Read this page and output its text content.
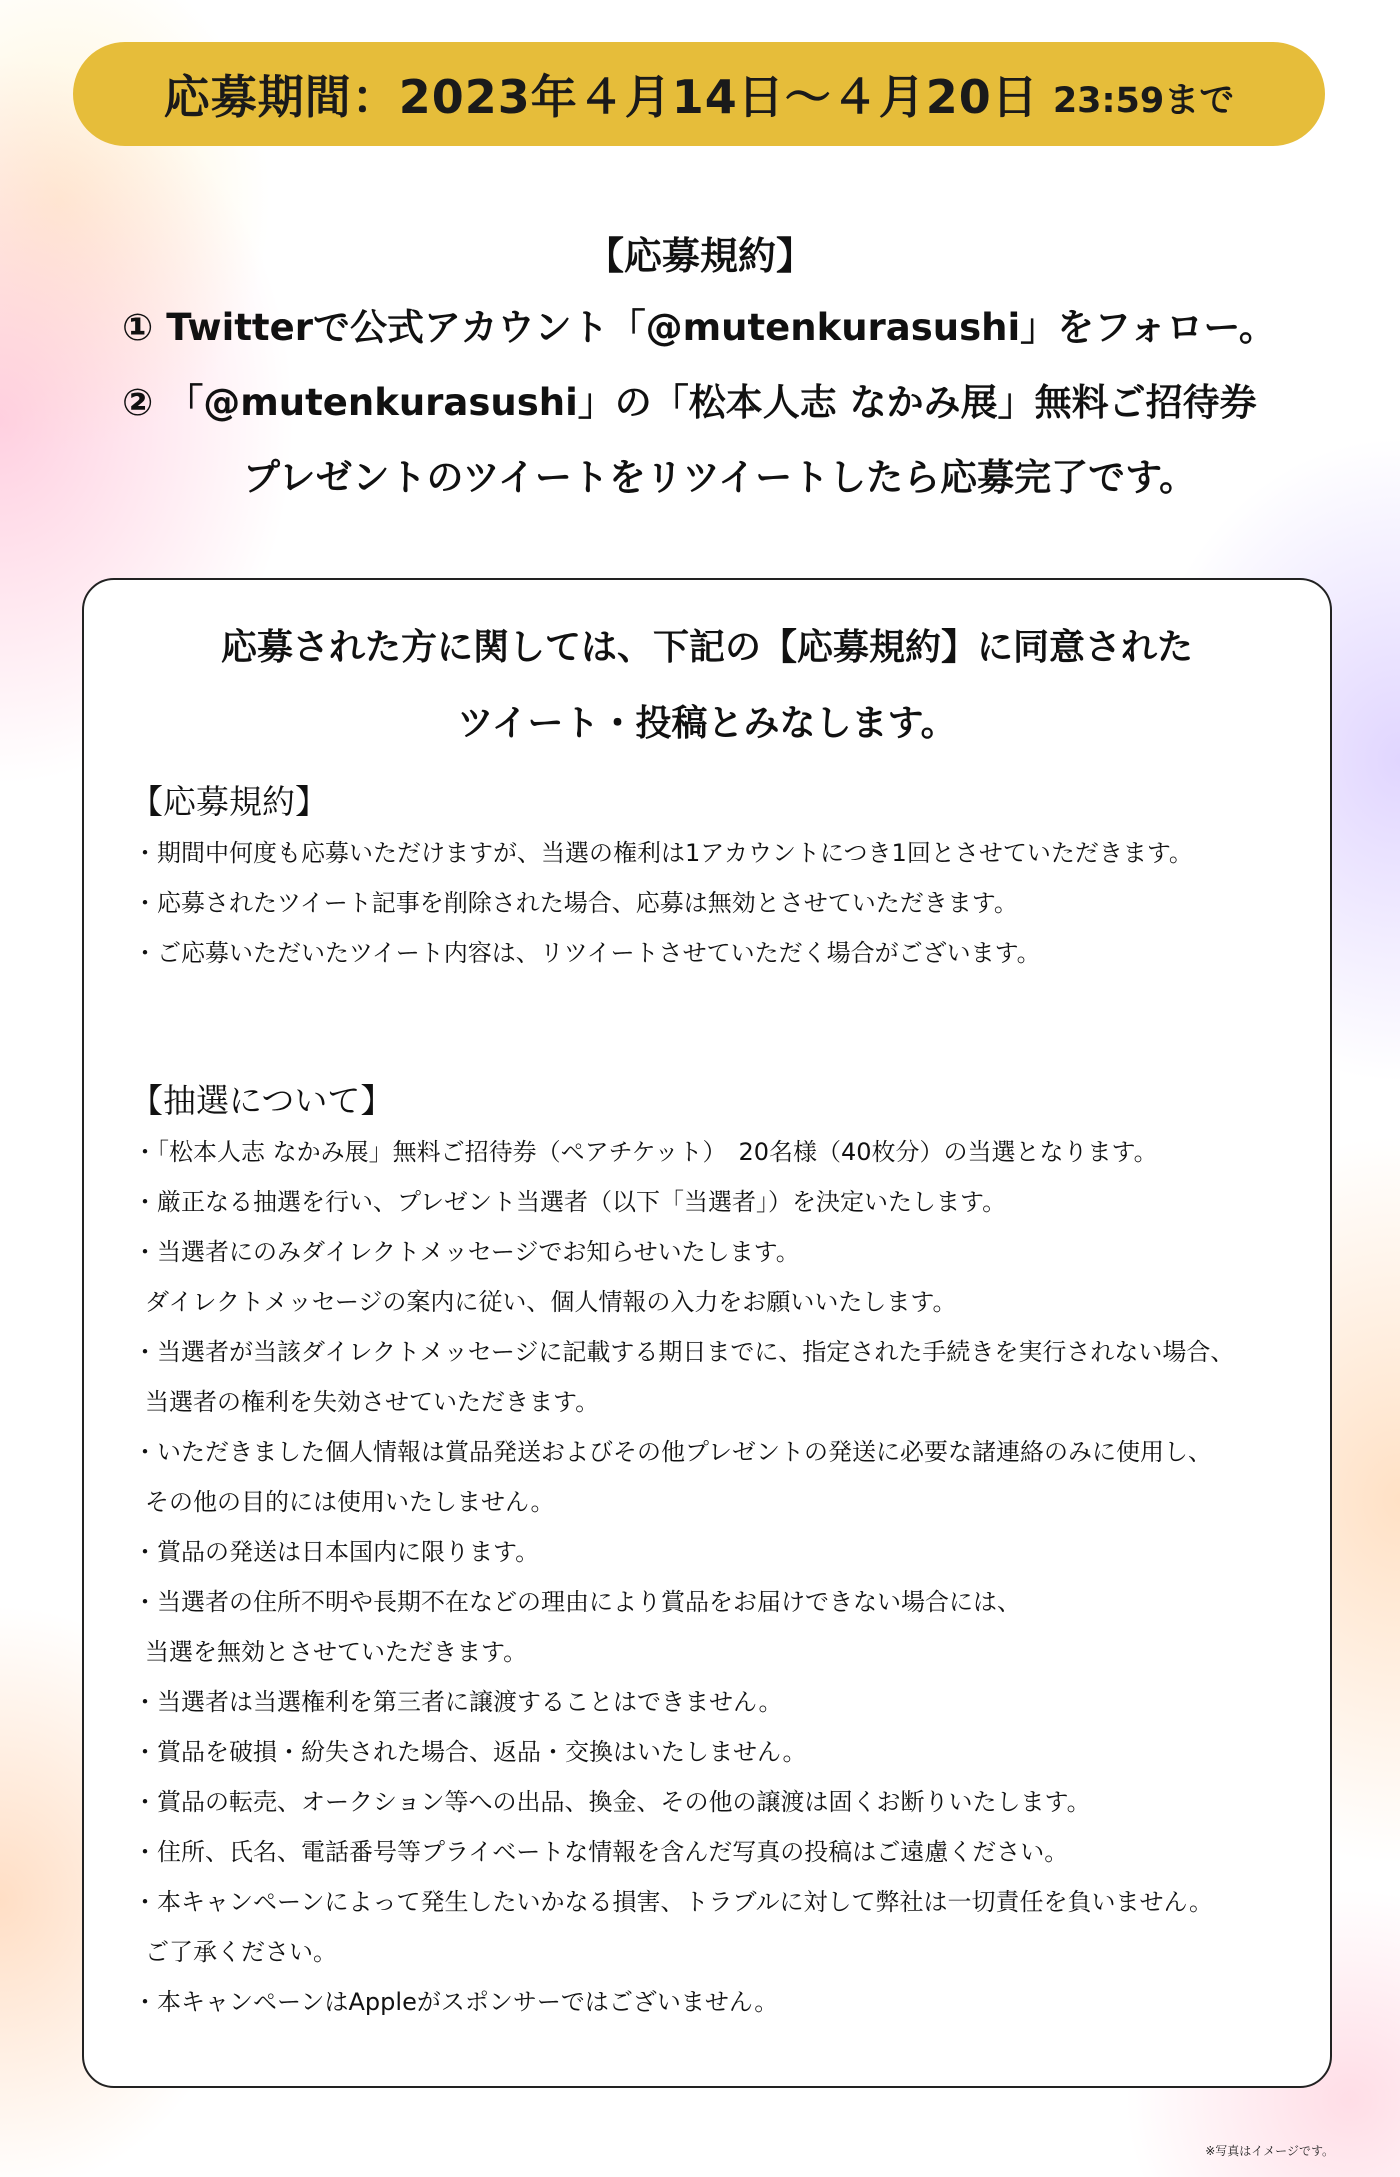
応募期間：2023年４月14日〜４月20日 23:59まで
【応募規約】
① Twitterで公式アカウント「@mutenkurasushi」をフォロー。
② 「@mutenkurasushi」の「松本人志 なかみ展」無料ご招待券
プレゼントのツイートをリツイートしたら応募完了です。
応募された方に関しては、下記の【応募規約】に同意された
ツイート・投稿とみなします。
【応募規約】
・期間中何度も応募いただけますが、当選の権利は1アカウントにつき1回とさせていただきます。
・応募されたツイート記事を削除された場合、応募は無効とさせていただきます。
・ご応募いただいたツイート内容は、リツイートさせていただく場合がございます。
【抽選について】
・「松本人志 なかみ展」無料ご招待券（ペアチケット）　20名様（40枚分）の当選となります。
・厳正なる抽選を行い、プレゼント当選者（以下「当選者」）を決定いたします。
・当選者にのみダイレクトメッセージでお知らせいたします。
ダイレクトメッセージの案内に従い、個人情報の入力をお願いいたします。
・当選者が当該ダイレクトメッセージに記載する期日までに、指定された手続きを実行されない場合、
当選者の権利を失効させていただきます。
・いただきました個人情報は賞品発送およびその他プレゼントの発送に必要な諸連絡のみに使用し、
その他の目的には使用いたしません。
・賞品の発送は日本国内に限ります。
・当選者の住所不明や長期不在などの理由により賞品をお届けできない場合には、
当選を無効とさせていただきます。
・当選者は当選権利を第三者に譲渡することはできません。
・賞品を破損・紛失された場合、返品・交換はいたしません。
・賞品の転売、オークション等への出品、換金、その他の譲渡は固くお断りいたします。
・住所、氏名、電話番号等プライベートな情報を含んだ写真の投稿はご遠慮ください。
・本キャンペーンによって発生したいかなる損害、トラブルに対して弊社は一切責任を負いません。
ご了承ください。
・本キャンペーンはAppleがスポンサーではございません。
※写真はイメージです。
